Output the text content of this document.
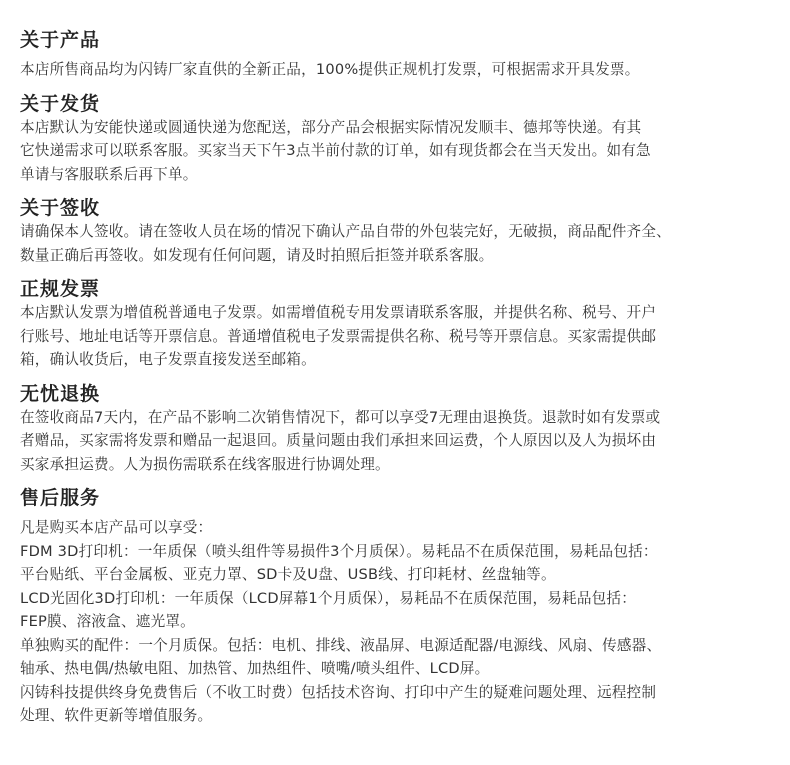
关于产品

本店所售商品均为闪铸厂家直供的全新正品，100%提供正规机打发票，可根据需求开具发票。

关于发货

本店默认为安能快递或圆通快递为您配送，部分产品会根据实际情况发顺丰、德邦等快递。有其

它快递需求可以联系客服。买家当天下午3点半前付款的订单，如有现货都会在当天发出。如有急

单请与客服联系后再下单。

关于签收

请确保本人签收。请在签收人员在场的情况下确认产品自带的外包装完好，无破损，商品配件齐全、

数量正确后再签收。如发现有任何问题，请及时拍照后拒签并联系客服。

正规发票

本店默认发票为增值税普通电子发票。如需增值税专用发票请联系客服，并提供名称、税号、开户

行账号、地址电话等开票信息。普通增值税电子发票需提供名称、税号等开票信息。买家需提供邮

箱，确认收货后，电子发票直接发送至邮箱。

无忧退换

在签收商品7天内，在产品不影响二次销售情况下，都可以享受7无理由退换货。退款时如有发票或

者赠品，买家需将发票和赠品一起退回。质量问题由我们承担来回运费，个人原因以及人为损坏由

买家承担运费。人为损伤需联系在线客服进行协调处理。

售后服务

凡是购买本店产品可以享受：

FDM 3D打印机：一年质保（喷头组件等易损件3个月质保）。易耗品不在质保范围，易耗品包括：

平台贴纸、平台金属板、亚克力罩、SD卡及U盘、USB线、打印耗材、丝盘轴等。

LCD光固化3D打印机：一年质保（LCD屏幕1个月质保），易耗品不在质保范围，易耗品包括：

FEP膜、溶液盒、遮光罩。

单独购买的配件：一个月质保。包括：电机、排线、液晶屏、电源适配器/电源线、风扇、传感器、

轴承、热电偶/热敏电阻、加热管、加热组件、喷嘴/喷头组件、LCD屏。

闪铸科技提供终身免费售后（不收工时费）包括技术咨询、打印中产生的疑难问题处理、远程控制

处理、软件更新等增值服务。
